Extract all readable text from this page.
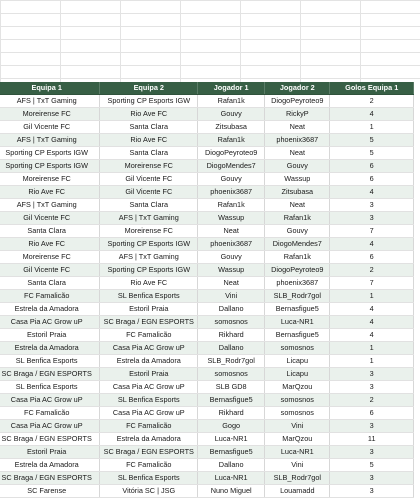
Equipa 1	Equipa 2	Jogador 1	Jogador 2	Golos Equipa 1
AFS | TxT Gaming	Sporting CP Esports IGW	Rafan1k	DiogoPeyroteo9	2
Moreirense FC	Rio Ave FC	Gouvy	RickyP	4
Gil Vicente FC	Santa Clara	Zitsubasa	Neat	1
AFS | TxT Gaming	Rio Ave FC	Rafan1k	phoenix3687	5
Sporting CP Esports IGW	Santa Clara	DiogoPeyroteo9	Neat	5
Sporting CP Esports IGW	Moreirense FC	DiogoMendes7	Gouvy	6
Moreirense FC	Gil Vicente FC	Gouvy	Wassup	6
Rio Ave FC	Gil Vicente FC	phoenix3687	Zitsubasa	4
AFS | TxT Gaming	Santa Clara	Rafan1k	Neat	3
Gil Vicente FC	AFS | TxT Gaming	Wassup	Rafan1k	3
Santa Clara	Moreirense FC	Neat	Gouvy	7
Rio Ave FC	Sporting CP Esports IGW	phoenix3687	DiogoMendes7	4
Moreirense FC	AFS | TxT Gaming	Gouvy	Rafan1k	6
Gil Vicente FC	Sporting CP Esports IGW	Wassup	DiogoPeyroteo9	2
Santa Clara	Rio Ave FC	Neat	phoenix3687	7
FC Famalicão	SL Benfica Esports	Vini	SLB_Rodr7gol	1
Estrela da Amadora	Estoril Praia	Dallano	Bernasfigue5	4
Casa Pia AC Grow uP	SC Braga / EGN ESPORTS	somosnos	Luca-NR1	4
Estoril Praia	FC Famalicão	Rikhard	Bernasfigue5	4
Estrela da Amadora	Casa Pia AC Grow uP	Dallano	somosnos	1
SL Benfica Esports	Estrela da Amadora	SLB_Rodr7gol	Licapu	1
SC Braga / EGN ESPORTS	Estoril Praia	somosnos	Licapu	3
SL Benfica Esports	Casa Pia AC Grow uP	SLB GD8	MarQzou	3
Casa Pia AC Grow uP	SL Benfica Esports	Bernasfigue5	somosnos	2
FC Famalicão	Casa Pia AC Grow uP	Rikhard	somosnos	6
Casa Pia AC Grow uP	FC Famalicão	Gogo	Vini	3
SC Braga / EGN ESPORTS	Estrela da Amadora	Luca-NR1	MarQzou	11
Estoril Praia	SC Braga / EGN ESPORTS	Bernasfigue5	Luca-NR1	3
Estrela da Amadora	FC Famalicão	Dallano	Vini	5
SC Braga / EGN ESPORTS	SL Benfica Esports	Luca-NR1	SLB_Rodr7gol	3
SC Farense	Vitória SC | JSG	Nuno Miguel	Louamadd	3
